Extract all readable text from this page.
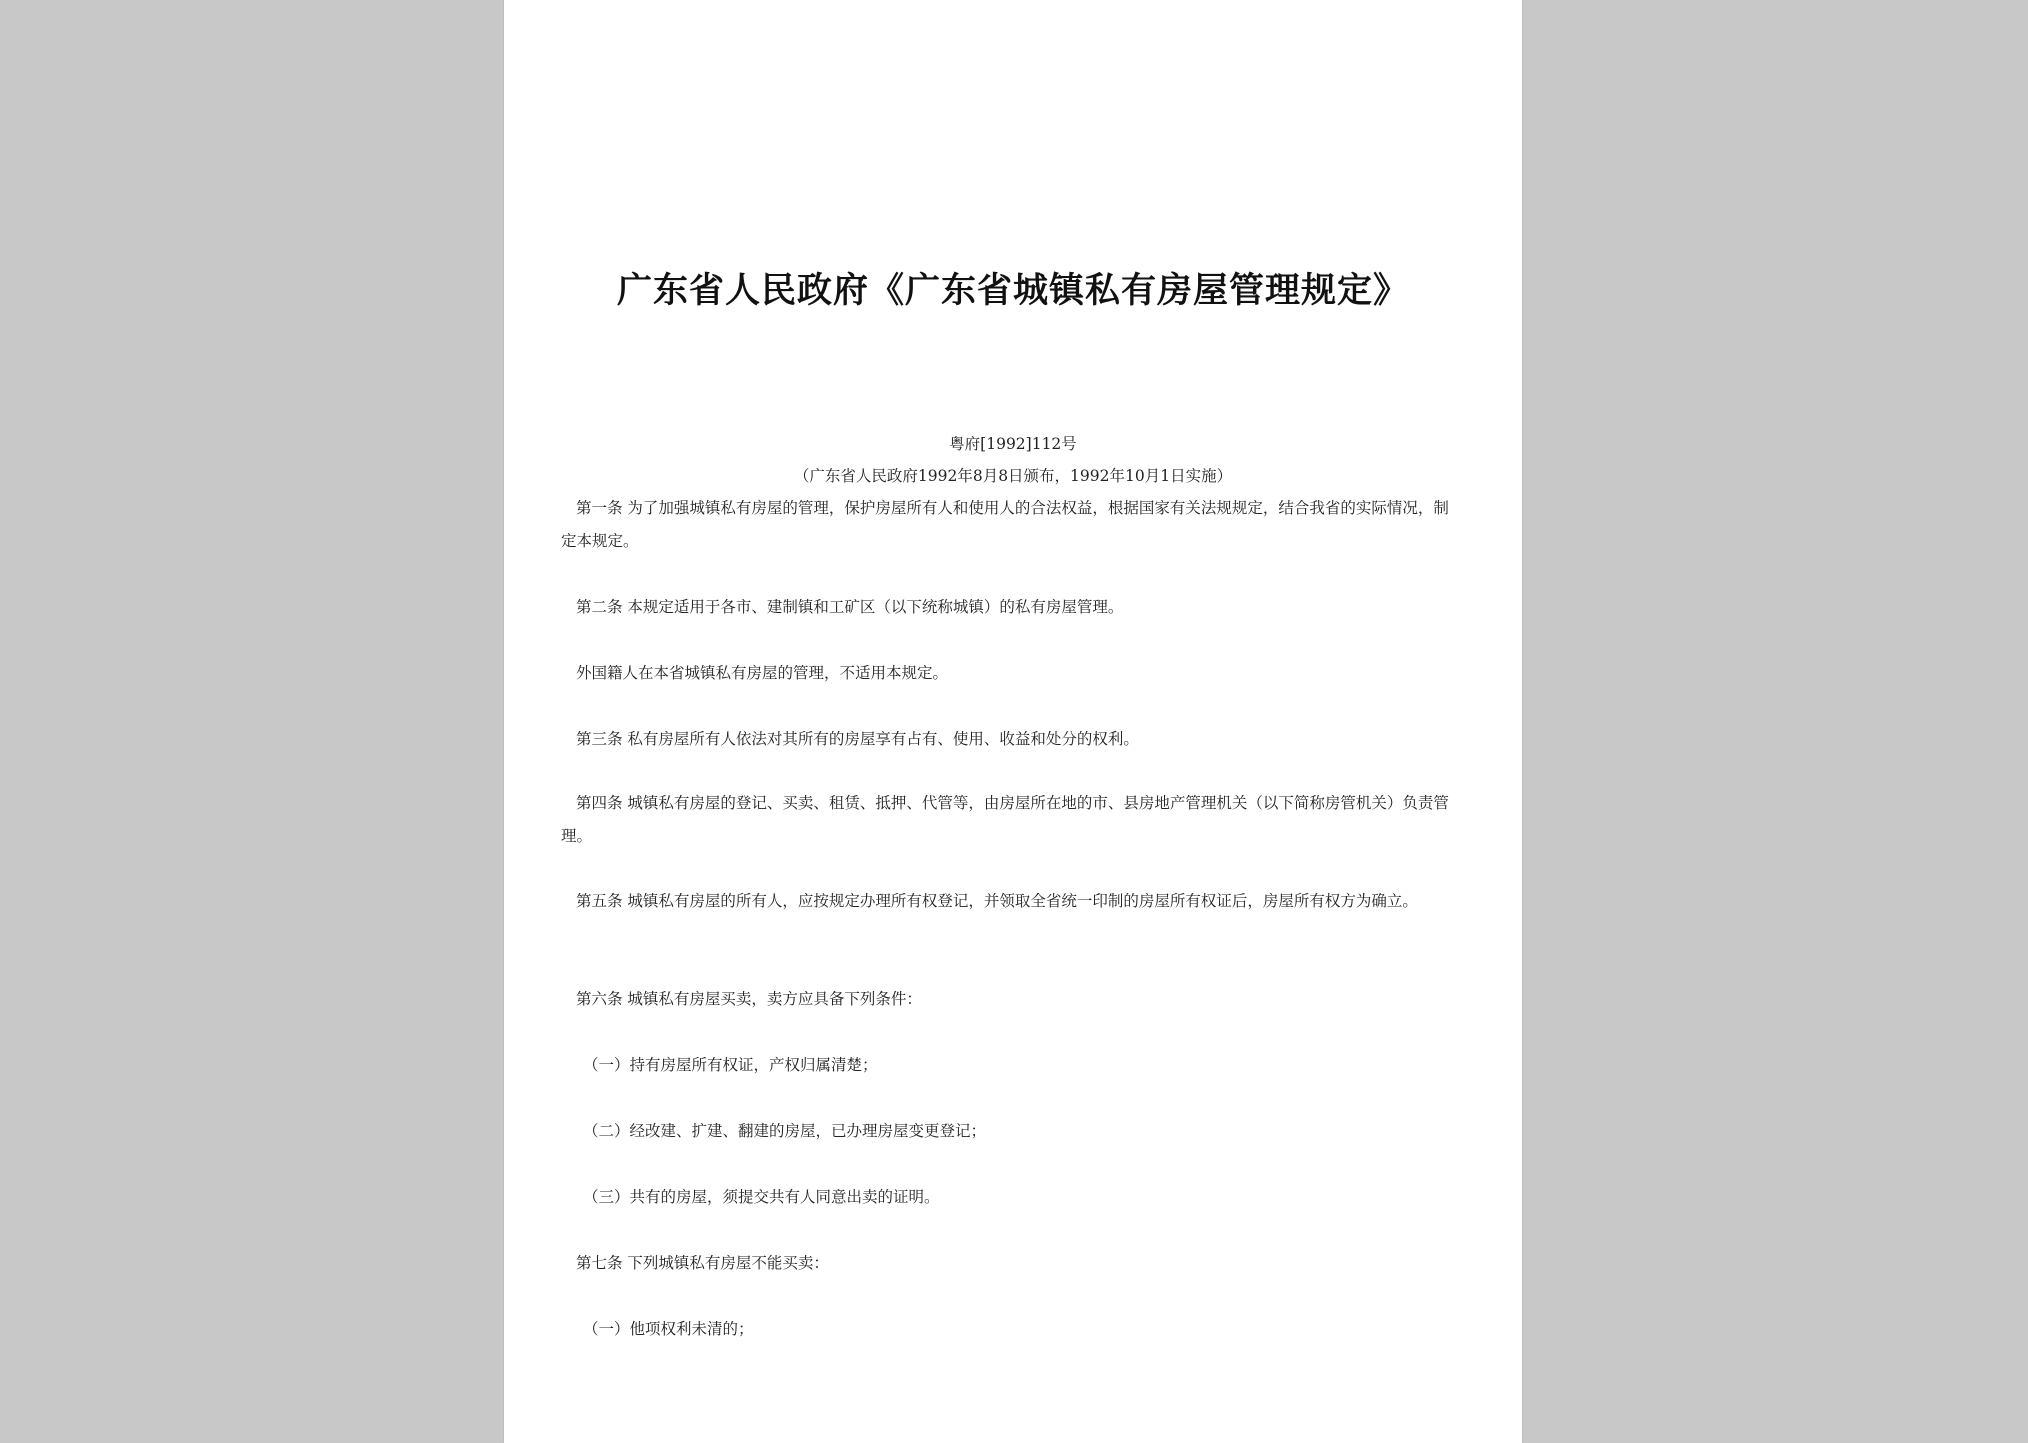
广东省人民政府《广东省城镇私有房屋管理规定》

粤府[1992]112号

（广东省人民政府1992年8月8日颁布，1992年10月1日实施）

第一条 为了加强城镇私有房屋的管理，保护房屋所有人和使用人的合法权益，根据国家有关法规规定，结合我省的实际情况，制定本规定。

第二条 本规定适用于各市、建制镇和工矿区（以下统称城镇）的私有房屋管理。

外国籍人在本省城镇私有房屋的管理，不适用本规定。

第三条 私有房屋所有人依法对其所有的房屋享有占有、使用、收益和处分的权利。

第四条 城镇私有房屋的登记、买卖、租赁、抵押、代管等，由房屋所在地的市、县房地产管理机关（以下简称房管机关）负责管理。

第五条 城镇私有房屋的所有人，应按规定办理所有权登记，并领取全省统一印制的房屋所有权证后，房屋所有权方为确立。

第六条 城镇私有房屋买卖，卖方应具备下列条件：

（一）持有房屋所有权证，产权归属清楚；

（二）经改建、扩建、翻建的房屋，已办理房屋变更登记；

（三）共有的房屋，须提交共有人同意出卖的证明。

第七条 下列城镇私有房屋不能买卖：

（一）他项权利未清的；
